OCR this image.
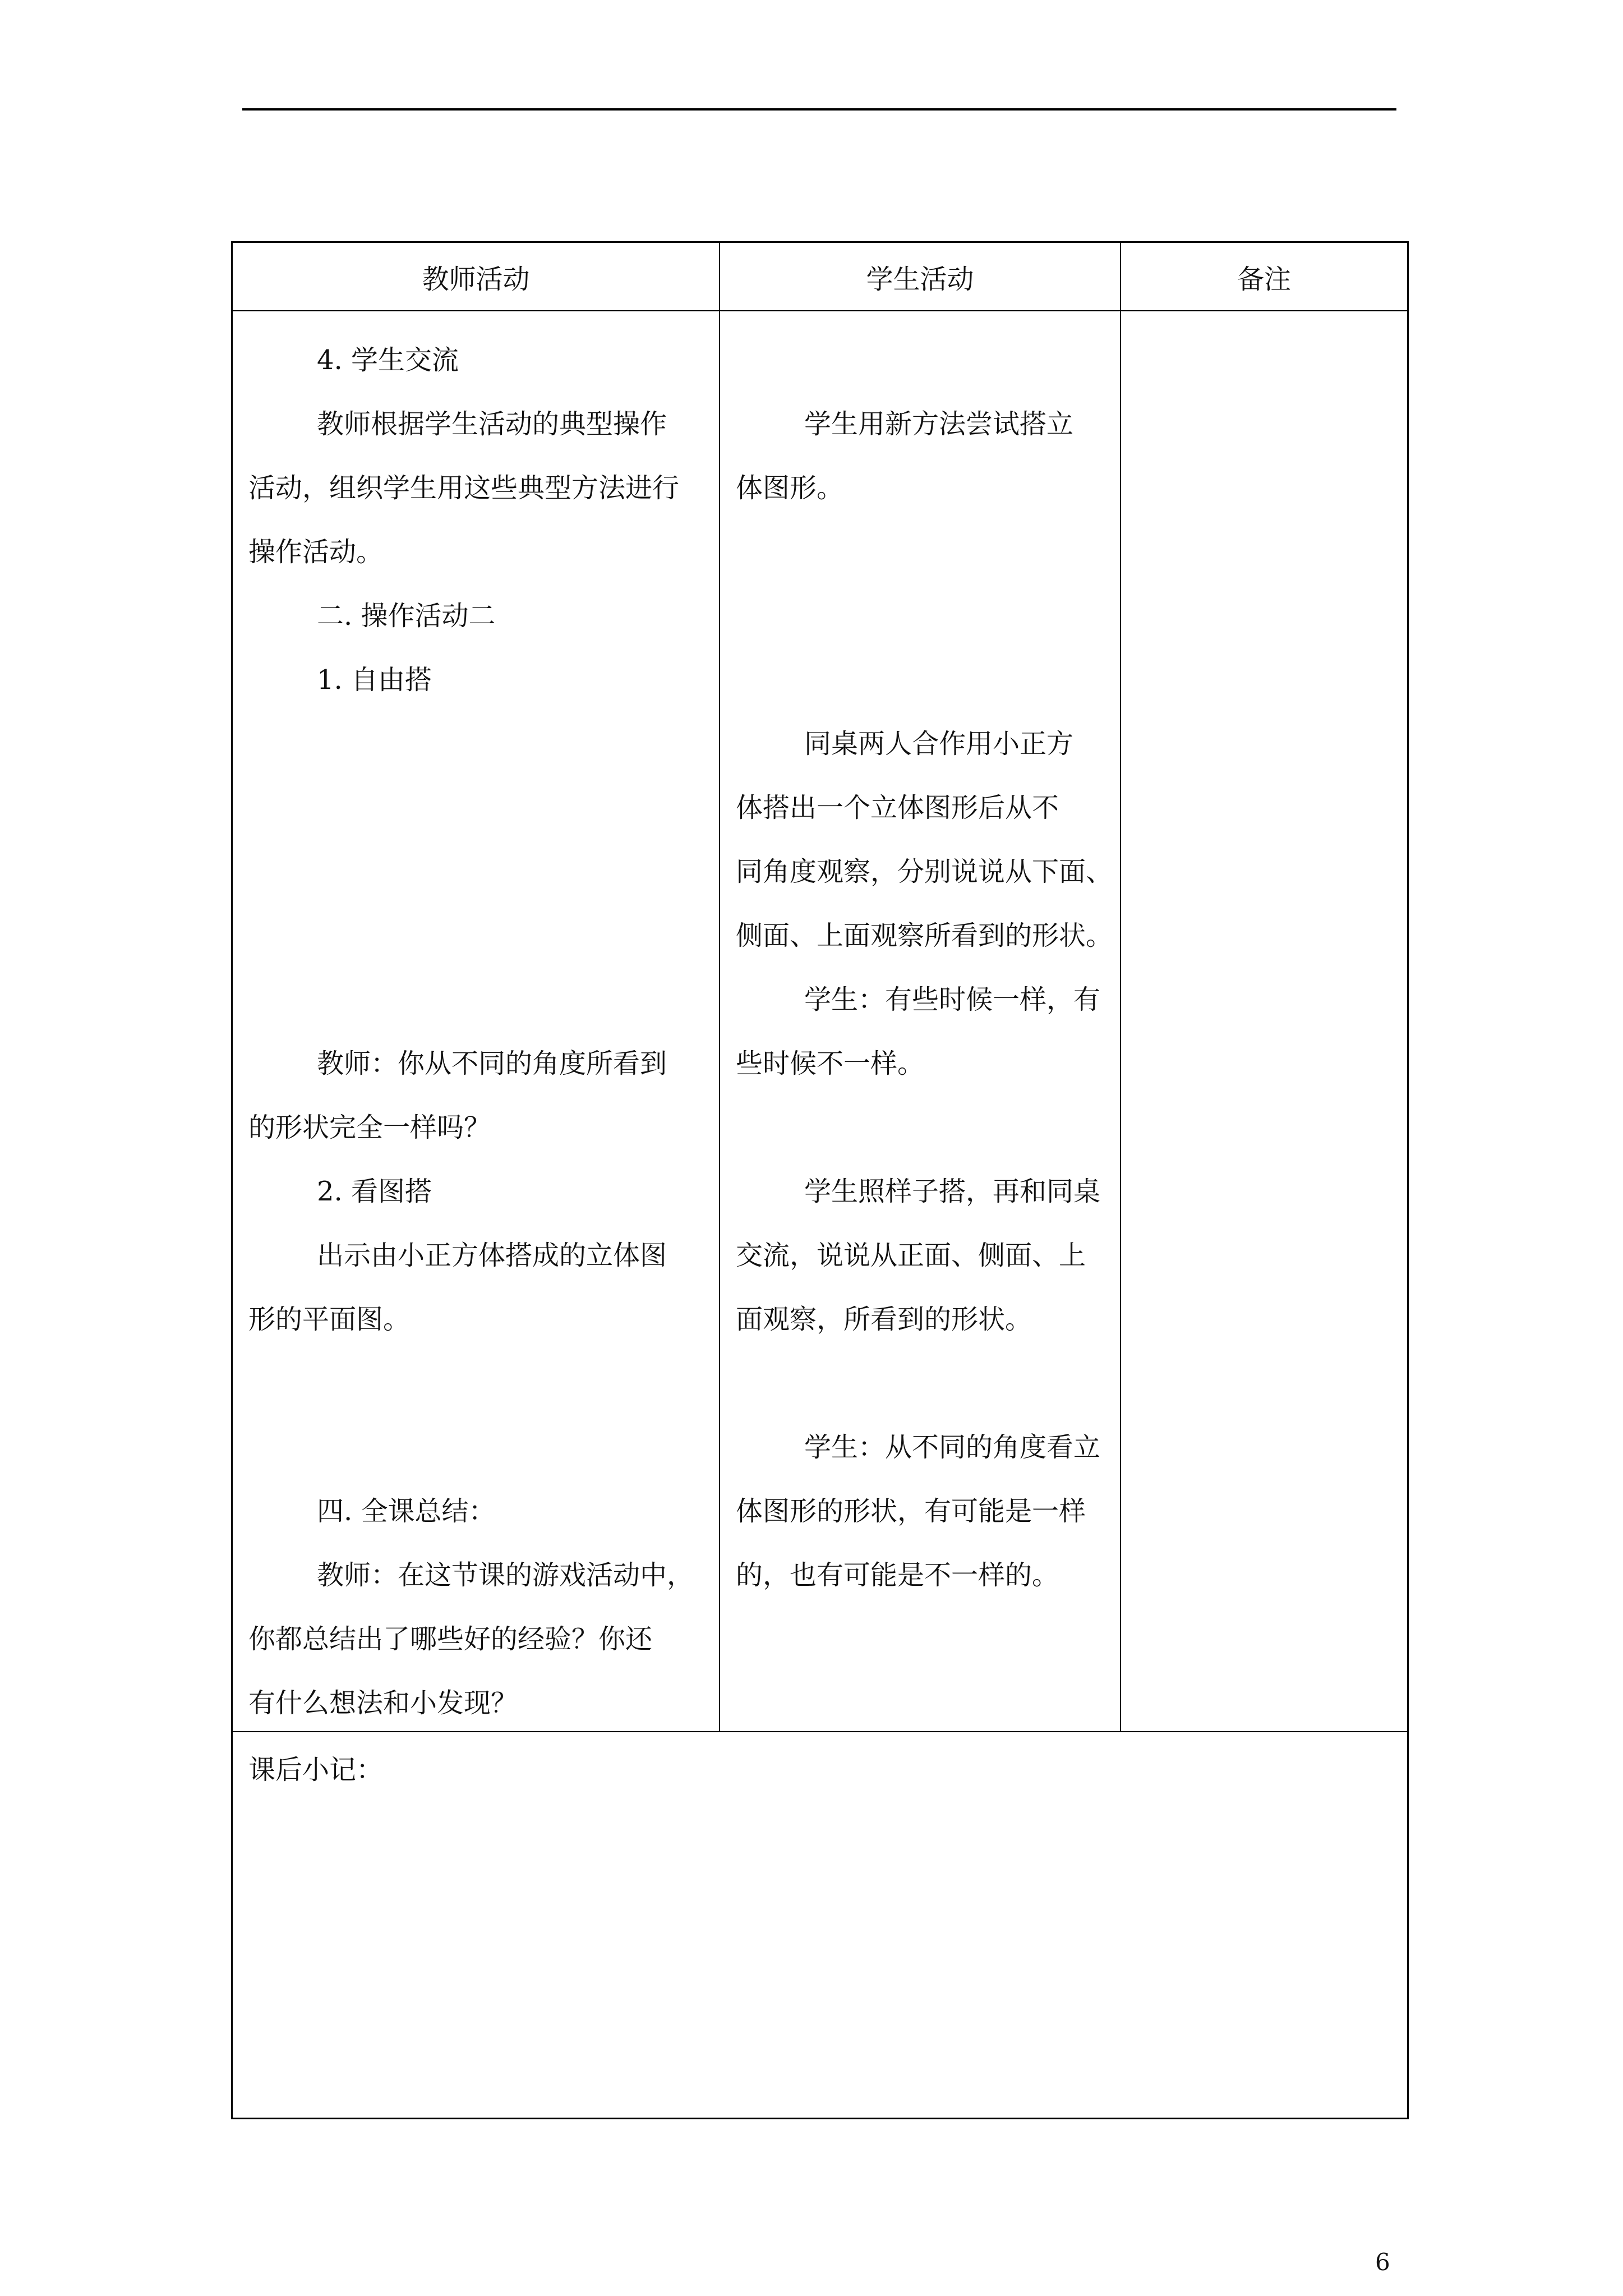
教师活动	学生活动	备注

4. 学生交流

教师根据学生活动的典型操作

活动，组织学生用这些典型方法进行

操作活动。

二. 操作活动二

1. 自由搭

教师：你从不同的角度所看到

的形状完全一样吗？

2. 看图搭

出示由小正方体搭成的立体图

形的平面图。

四. 全课总结：

教师：在这节课的游戏活动中，

你都总结出了哪些好的经验？你还

有什么想法和小发现？

学生用新方法尝试搭立

体图形。

同桌两人合作用小正方

体搭出一个立体图形后从不

同角度观察，分别说说从下面、

侧面、上面观察所看到的形状。

学生：有些时候一样，有

些时候不一样。

学生照样子搭，再和同桌

交流，说说从正面、侧面、上

面观察，所看到的形状。

学生：从不同的角度看立

体图形的形状，有可能是一样

的，也有可能是不一样的。

课后小记：
6
